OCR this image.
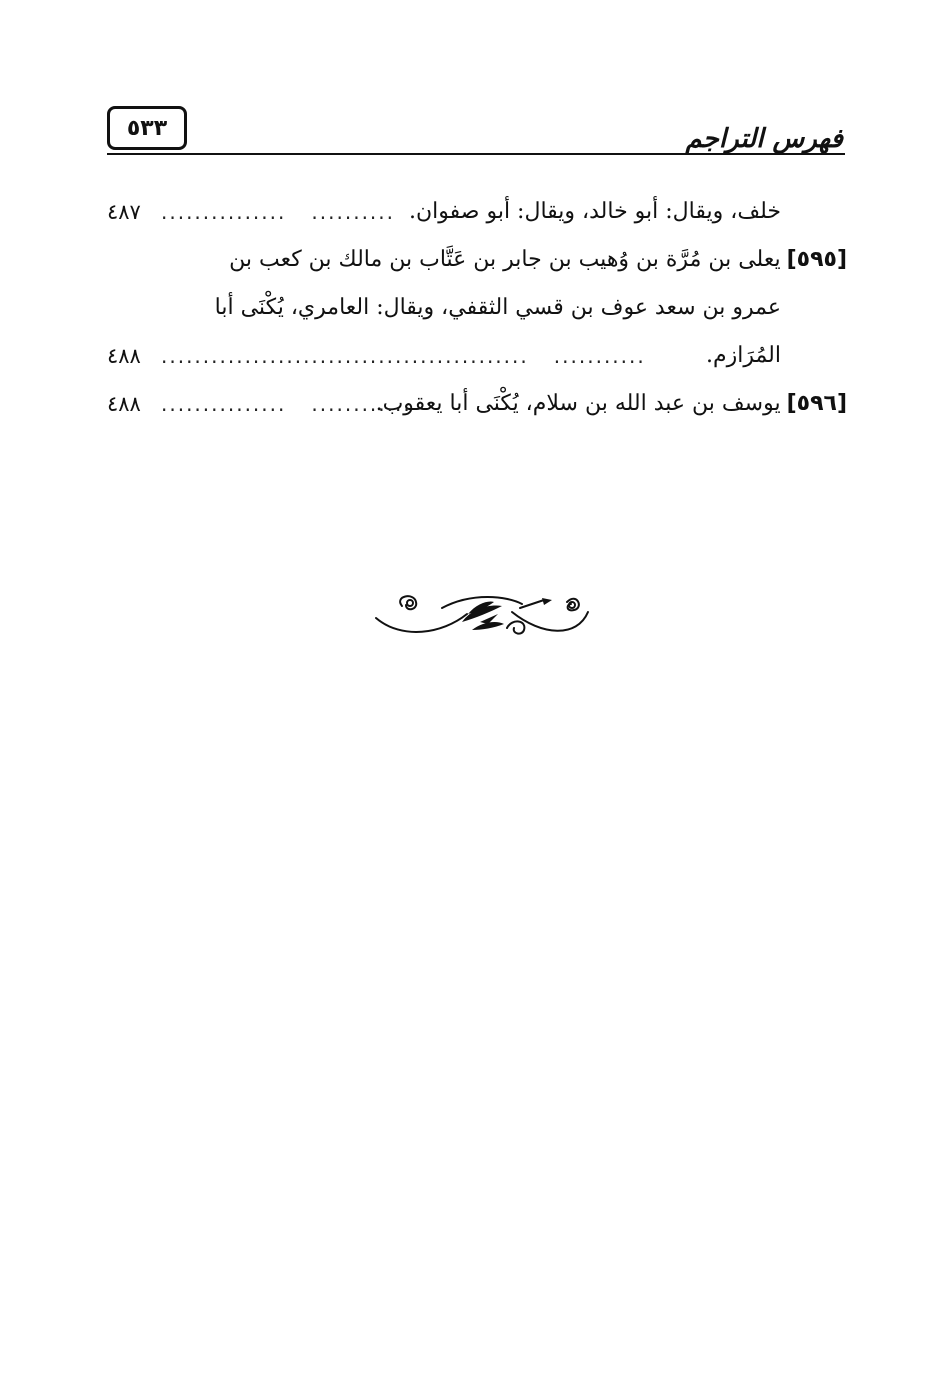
فهرس التراجم
٥٣٣
خلف، ويقال: أبو خالد، ويقال: أبو صفوان.
...............   ..........
٤٨٧
[٥٩٥]يعلى بن مُرَّة بن وُهيب بن جابر بن عَتَّاب بن مالك بن كعب بن
عمرو بن سعد عوف بن قسي الثقفي، ويقال: العامري، يُكْنَى أبا
المُرَازم.
............................................   ...........
٤٨٨
[٥٩٦]يوسف بن عبد الله بن سلام، يُكْنَى أبا يعقوب.
...............   ............
٤٨٨
